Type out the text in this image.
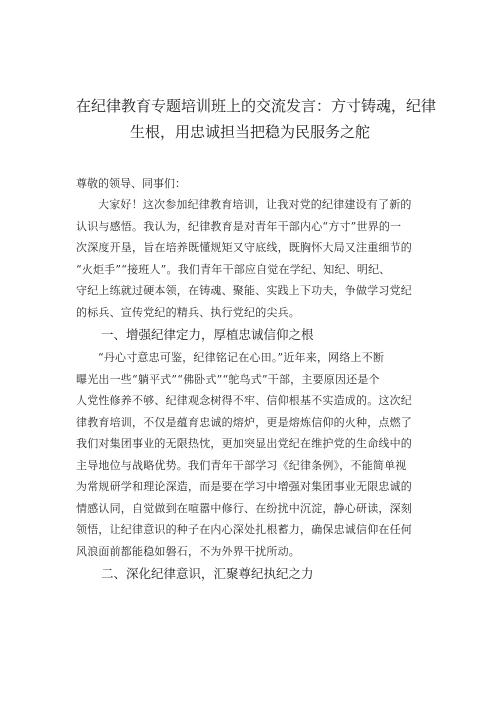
在纪律教育专题培训班上的交流发言：方寸铸魂，纪律
生根，用忠诚担当把稳为民服务之舵

尊敬的领导、同事们：

大家好！这次参加纪律教育培训，让我对党的纪律建设有了新的
认识与感悟。我认为，纪律教育是对青年干部内心“方寸”世界的一
次深度开垦，旨在培养既懂规矩又守底线，既胸怀大局又注重细节的
“火炬手”“接班人”。我们青年干部应自觉在学纪、知纪、明纪、
守纪上练就过硬本领，在铸魂、聚能、实践上下功夫，争做学习党纪
的标兵、宣传党纪的精兵、执行党纪的尖兵。
一、增强纪律定力，厚植忠诚信仰之根
“丹心寸意忠可鉴，纪律铭记在心田。”近年来，网络上不断
曝光出一些“躺平式”“佛卧式”“鸵鸟式”干部，主要原因还是个
人党性修养不够、纪律观念树得不牢、信仰根基不实造成的。这次纪
律教育培训，不仅是蕴育忠诚的熔炉，更是熔炼信仰的火种，点燃了
我们对集团事业的无限热忱，更加突显出党纪在维护党的生命线中的
主导地位与战略优势。我们青年干部学习《纪律条例》，不能简单视
为常规研学和理论深造，而是要在学习中增强对集团事业无限忠诚的
情感认同，自觉做到在喧嚣中修行、在纷扰中沉淀，静心研读，深刻
领悟，让纪律意识的种子在内心深处扎根蓄力，确保忠诚信仰在任何
风浪面前都能稳如磐石，不为外界干扰所动。
二、深化纪律意识，汇聚尊纪执纪之力
